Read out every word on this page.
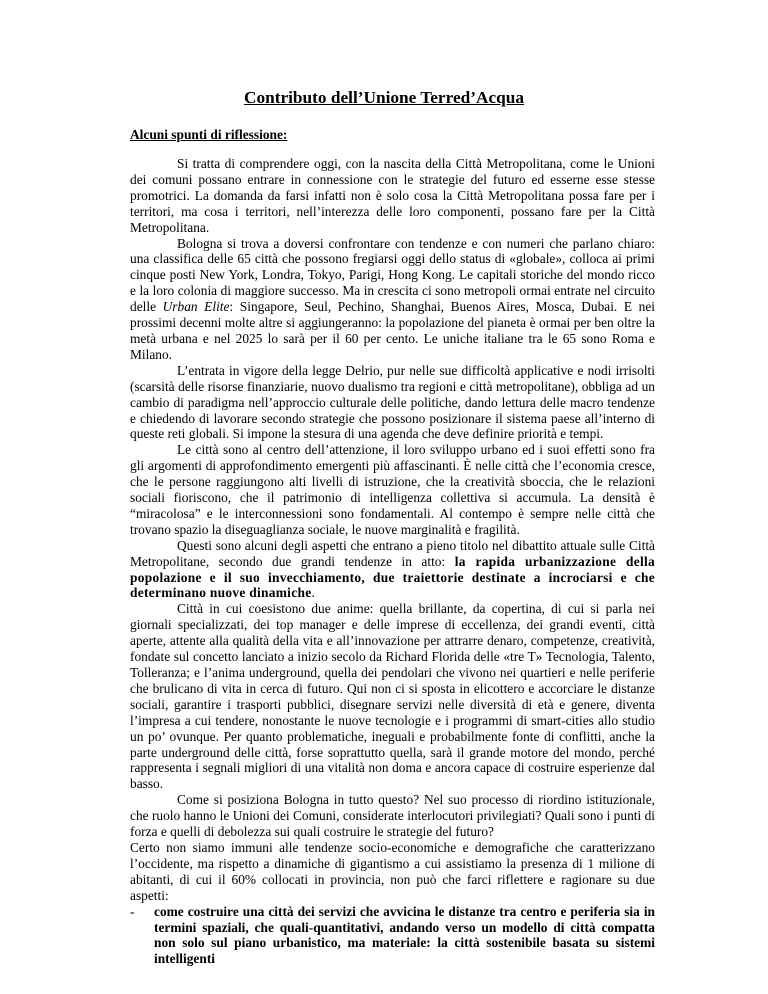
Contributo dell’Unione Terred’Acqua
Alcuni spunti di riflessione:

Si tratta di comprendere oggi, con la nascita della Città Metropolitana, come le Unioni dei comuni possano entrare in connessione con le strategie del futuro ed esserne esse stesse promotrici. La domanda da farsi infatti non è solo cosa la Città Metropolitana possa fare per i territori, ma cosa i territori, nell’interezza delle loro componenti, possano fare per la Città Metropolitana.

Bologna si trova a doversi confrontare con tendenze e con numeri che parlano chiaro: una classifica delle 65 città che possono fregiarsi oggi dello status di «globale», colloca ai primi cinque posti New York, Londra, Tokyo, Parigi, Hong Kong. Le capitali storiche del mondo ricco e la loro colonia di maggiore successo. Ma in crescita ci sono metropoli ormai entrate nel circuito delle Urban Elite: Singapore, Seul, Pechino, Shanghai, Buenos Aires, Mosca, Dubai. E nei prossimi decenni molte altre si aggiungeranno: la popolazione del pianeta è ormai per ben oltre la metà urbana e nel 2025 lo sarà per il 60 per cento. Le uniche italiane tra le 65 sono Roma e Milano.

L’entrata in vigore della legge Delrio, pur nelle sue difficoltà applicative e nodi irrisolti (scarsità delle risorse finanziarie, nuovo dualismo tra regioni e città metropolitane), obbliga ad un cambio di paradigma nell’approccio culturale delle politiche, dando lettura delle macro tendenze e chiedendo di lavorare secondo strategie che possono posizionare il sistema paese all’interno di queste reti globali. Si impone la stesura di una agenda che deve definire priorità e tempi.

Le città sono al centro dell’attenzione, il loro sviluppo urbano ed i suoi effetti sono fra gli argomenti di approfondimento emergenti più affascinanti. È nelle città che l’economia cresce, che le persone raggiungono alti livelli di istruzione, che la creatività sboccia, che le relazioni sociali fioriscono, che il patrimonio di intelligenza collettiva si accumula. La densità è “miracolosa” e le interconnessioni sono fondamentali. Al contempo è sempre nelle città che trovano spazio la diseguaglianza sociale, le nuove marginalità e fragilità.

Questi sono alcuni degli aspetti che entrano a pieno titolo nel dibattito attuale sulle Città Metropolitane, secondo due grandi tendenze in atto: la rapida urbanizzazione della popolazione e il suo invecchiamento, due traiettorie destinate a incrociarsi e che determinano nuove dinamiche.

Città in cui coesistono due anime: quella brillante, da copertina, di cui si parla nei giornali specializzati, dei top manager e delle imprese di eccellenza, dei grandi eventi, città aperte, attente alla qualità della vita e all’innovazione per attrarre denaro, competenze, creatività, fondate sul concetto lanciato a inizio secolo da Richard Florida delle «tre T» Tecnologia, Talento, Tolleranza; e l’anima underground, quella dei pendolari che vivono nei quartieri e nelle periferie che brulicano di vita in cerca di futuro. Qui non ci si sposta in elicottero e accorciare le distanze sociali, garantire i trasporti pubblici, disegnare servizi nelle diversità di età e genere, diventa l’impresa a cui tendere, nonostante le nuove tecnologie e i programmi di smart-cities allo studio un po’ ovunque. Per quanto problematiche, ineguali e probabilmente fonte di conflitti, anche la parte underground delle città, forse soprattutto quella, sarà il grande motore del mondo, perché rappresenta i segnali migliori di una vitalità non doma e ancora capace di costruire esperienze dal basso.

Come si posiziona Bologna in tutto questo? Nel suo processo di riordino istituzionale, che ruolo hanno le Unioni dei Comuni, considerate interlocutori privilegiati? Quali sono i punti di forza e quelli di debolezza sui quali costruire le strategie del futuro?

Certo non siamo immuni alle tendenze socio-economiche e demografiche che caratterizzano l’occidente, ma rispetto a dinamiche di gigantismo a cui assistiamo la presenza di 1 milione di abitanti, di cui il 60% collocati in provincia, non può che farci riflettere e ragionare su due aspetti:

-	come costruire una città dei servizi che avvicina le distanze tra centro e periferia sia in termini spaziali, che quali-quantitativi, andando verso un modello di città compatta non solo sul piano urbanistico, ma materiale: la città sostenibile basata su sistemi intelligenti
